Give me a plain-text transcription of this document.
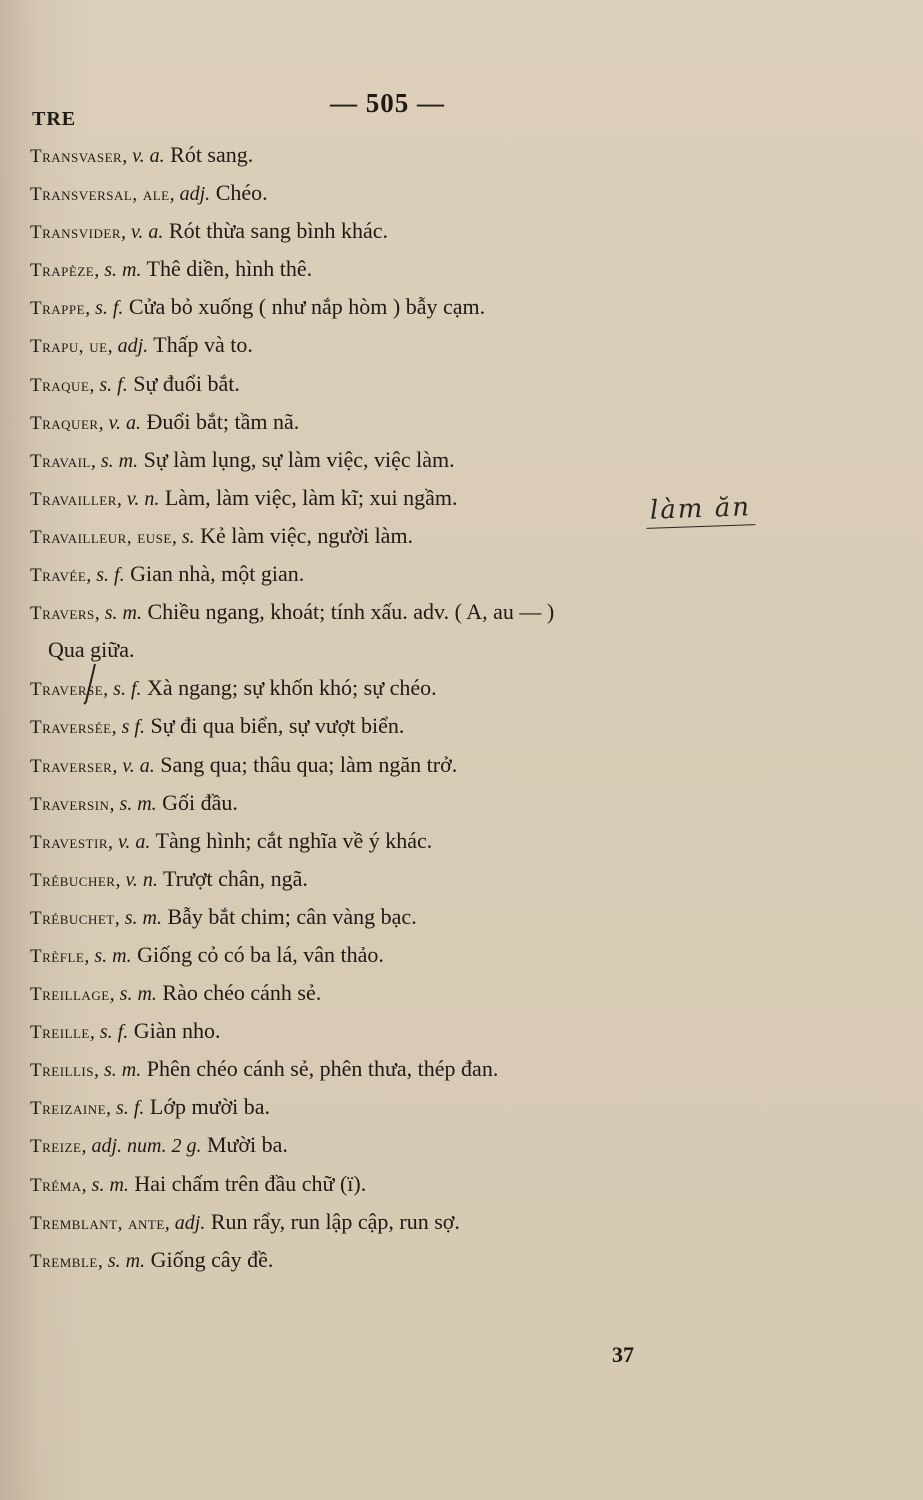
TRE
— 505 —
Transvaser, v. a. Rót sang.
Transversal, ale, adj. Chéo.
Transvider, v. a. Rót thừa sang bình khác.
Trapèze, s. m. Thê diền, hình thê.
Trappe, s. f. Cửa bỏ xuống ( như nắp hòm ) bẫy cạm.
Trapu, ue, adj. Thấp và to.
Traque, s. f. Sự đuổi bắt.
Traquer, v. a. Đuổi bắt; tầm nã.
Travail, s. m. Sự làm lụng, sự làm việc, việc làm.
Travailler, v. n. Làm, làm việc, làm kĩ; xui ngầm.
Travailleur, euse, s. Kẻ làm việc, người làm.
Travée, s. f. Gian nhà, một gian.
Travers, s. m. Chiều ngang, khoát; tính xấu. adv. ( A, au — )
Qua giữa.
Traverse, s. f. Xà ngang; sự khốn khó; sự chéo.
Traversée, s f. Sự đi qua biển, sự vượt biển.
Traverser, v. a. Sang qua; thâu qua; làm ngăn trở.
Traversin, s. m. Gối đầu.
Travestir, v. a. Tàng hình; cắt nghĩa về ý khác.
Trébucher, v. n. Trượt chân, ngã.
Trébuchet, s. m. Bẫy bắt chim; cân vàng bạc.
Trèfle, s. m. Giống cỏ có ba lá, vân thảo.
Treillage, s. m. Rào chéo cánh sẻ.
Treille, s. f. Giàn nho.
Treillis, s. m. Phên chéo cánh sẻ, phên thưa, thép đan.
Treizaine, s. f. Lớp mười ba.
Treize, adj. num. 2 g. Mười ba.
Tréma, s. m. Hai chấm trên đầu chữ (ï).
Tremblant, ante, adj. Run rẩy, run lập cập, run sợ.
Tremble, s. m. Giống cây đề.
làm ăn
37
